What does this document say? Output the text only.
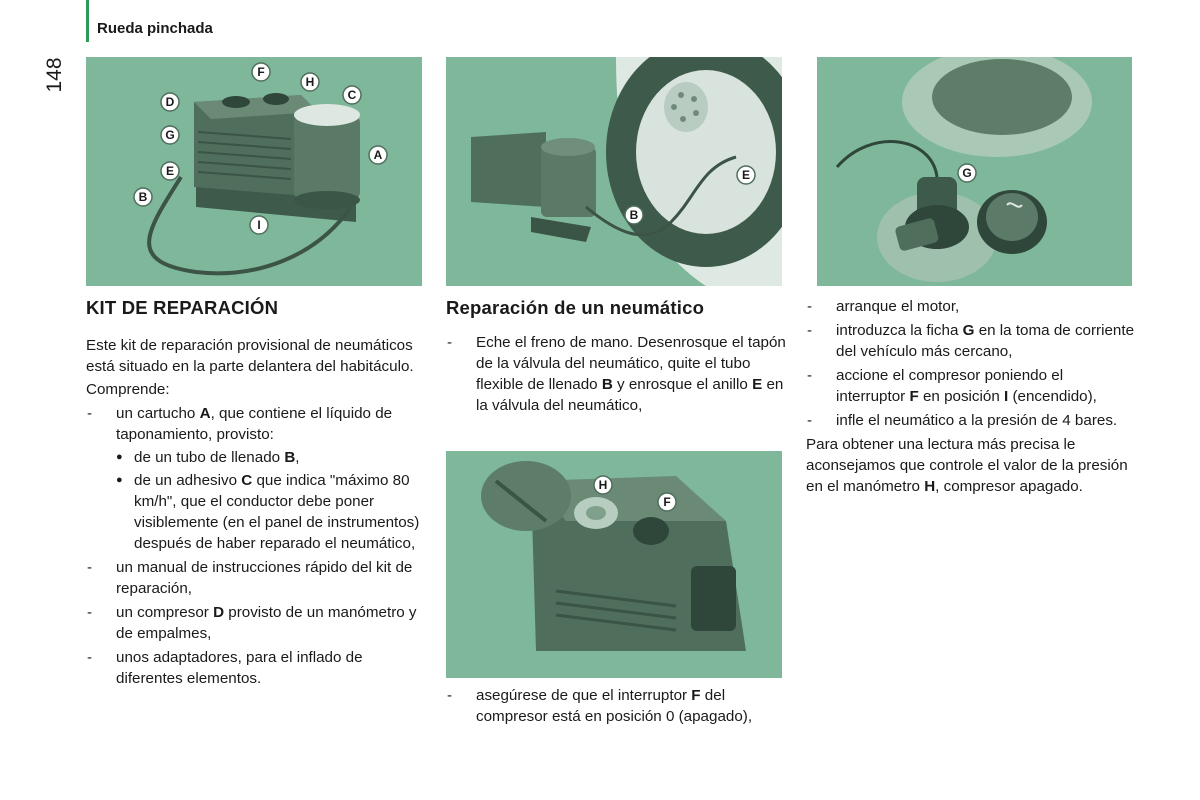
Rueda pinchada
148	F
H
D	C
G
A
E
B
I
E
B
G
H
F
KIT DE REPARACIÓN

Este kit de reparación provisional de neumáticos está situado en la parte delantera del habitáculo.

Comprende:

- un cartucho A, que contiene el líquido de taponamiento, provisto:
● de un tubo de llenado B,
● de un adhesivo C que indica "máximo 80 km/h", que el conductor debe poner visiblemente (en el panel de instrumentos) después de haber reparado el neumático,
- un manual de instrucciones rápido del kit de reparación,
- un compresor D provisto de un manómetro y de empalmes,
- unos adaptadores, para el inflado de diferentes elementos.
Reparación de un neumático
- Eche el freno de mano. Desenrosque el tapón de la válvula del neumático, quite el tubo flexible de llenado B y enrosque el anillo E en la válvula del neumático,
- asegúrese de que el interruptor F del compresor está en posición 0 (apagado),
- arranque el motor,
- introduzca la ficha G en la toma de corriente del vehículo más cercano,
- accione el compresor poniendo el interruptor F en posición I (encendido),
- infle el neumático a la presión de 4 bares.

Para obtener una lectura más precisa le aconsejamos que controle el valor de la presión en el manómetro H, compresor apagado.
